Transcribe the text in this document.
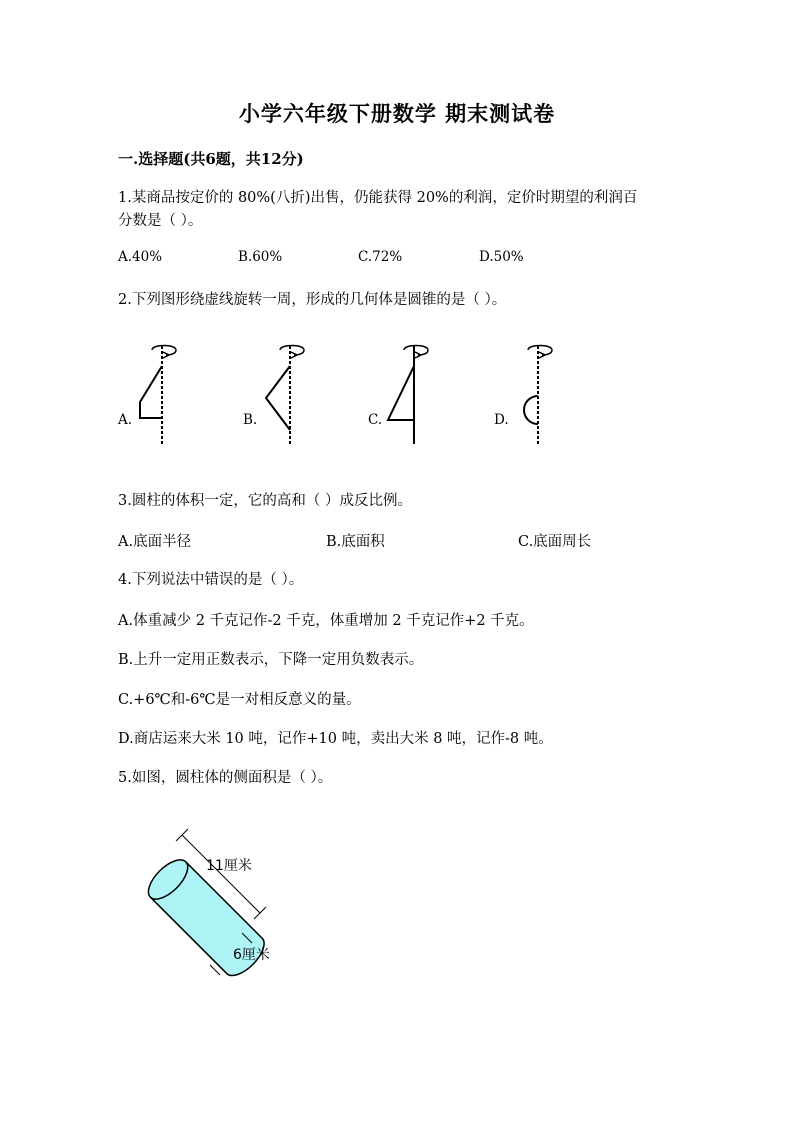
小学六年级下册数学 期末测试卷
一.选择题(共6题，共12分)
1.某商品按定价的 80%(八折)出售，仍能获得 20%的利润，定价时期望的利润百
分数是（ ）。
A.40%	B.60%	C.72%	D.50%
2.下列图形绕虚线旋转一周，形成的几何体是圆锥的是（ ）。
A.	B.	C.	D.
3.圆柱的体积一定，它的高和（ ）成反比例。
A.底面半径	B.底面积	C.底面周长
4.下列说法中错误的是（ ）。
A.体重减少 2 千克记作-2 千克，体重增加 2 千克记作+2 千克。
B.上升一定用正数表示，下降一定用负数表示。
C.+6℃和-6℃是一对相反意义的量。
D.商店运来大米 10 吨，记作+10 吨，卖出大米 8 吨，记作-8 吨。
5.如图，圆柱体的侧面积是（ ）。
11厘米
6厘米
